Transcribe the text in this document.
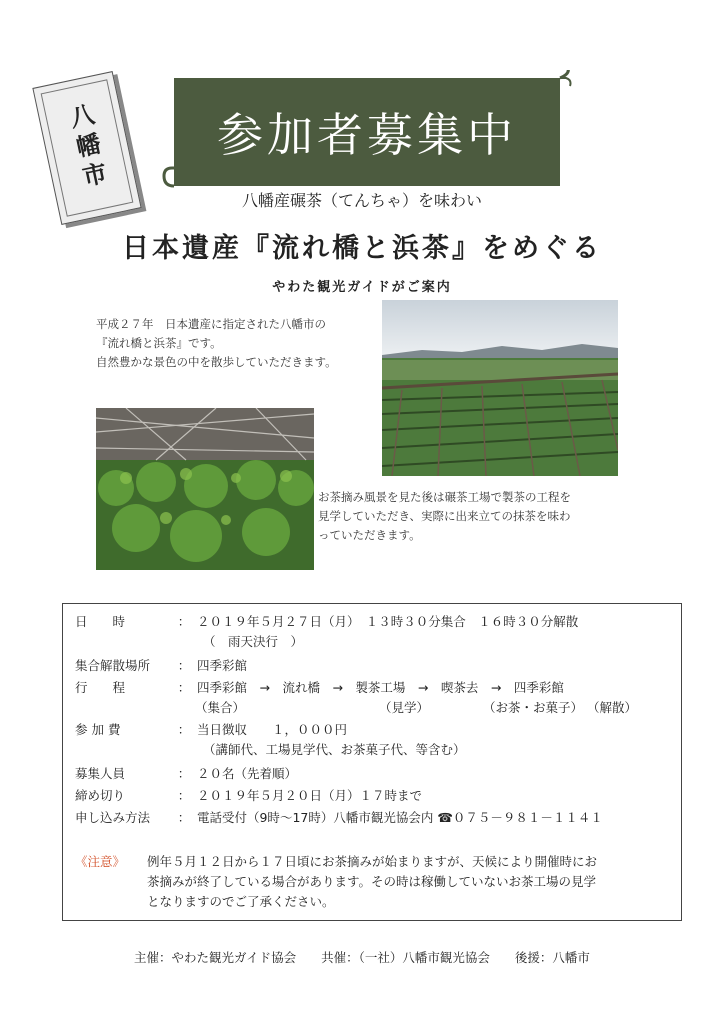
八幡市	参加者募集中
八幡産碾茶（てんちゃ）を味わい
日本遺産『流れ橋と浜茶』をめぐる
やわた観光ガイドがご案内
平成２７年　日本遺産に指定された八幡市の
『流れ橋と浜茶』です。
自然豊かな景色の中を散歩していただきます。
お茶摘み風景を見た後は碾茶工場で製茶の工程を
見学していただき、実際に出来立ての抹茶を味わ
っていただきます。
日　　時	： ２０１９年５月２７日（月）　１３時３０分集合　１６時３０分解散
（　雨天決行　）
集合解散場所 ： 四季彩館
行　　程	： 四季彩館　→　流れ橋　→　製茶工場　→　喫茶去　→　四季彩館
（集合）	（見学）	（お茶・お菓子） （解散）
参 加 費	： 当日徴収　　１，０００円
（講師代、工場見学代、お茶菓子代、等含む）
募集人員	： ２０名（先着順）
締め切り	： ２０１９年５月２０日（月）１７時まで
申し込み方法 ： 電話受付（9時〜17時）八幡市観光協会内 ☎０７５－９８１－１１４１
《注意》	例年５月１２日から１７日頃にお茶摘みが始まりますが、天候により開催時にお
茶摘みが終了している場合があります。その時は稼働していないお茶工場の見学
となりますのでご了承ください。
主催：やわた観光ガイド協会　　共催：（一社）八幡市観光協会　　後援：八幡市
